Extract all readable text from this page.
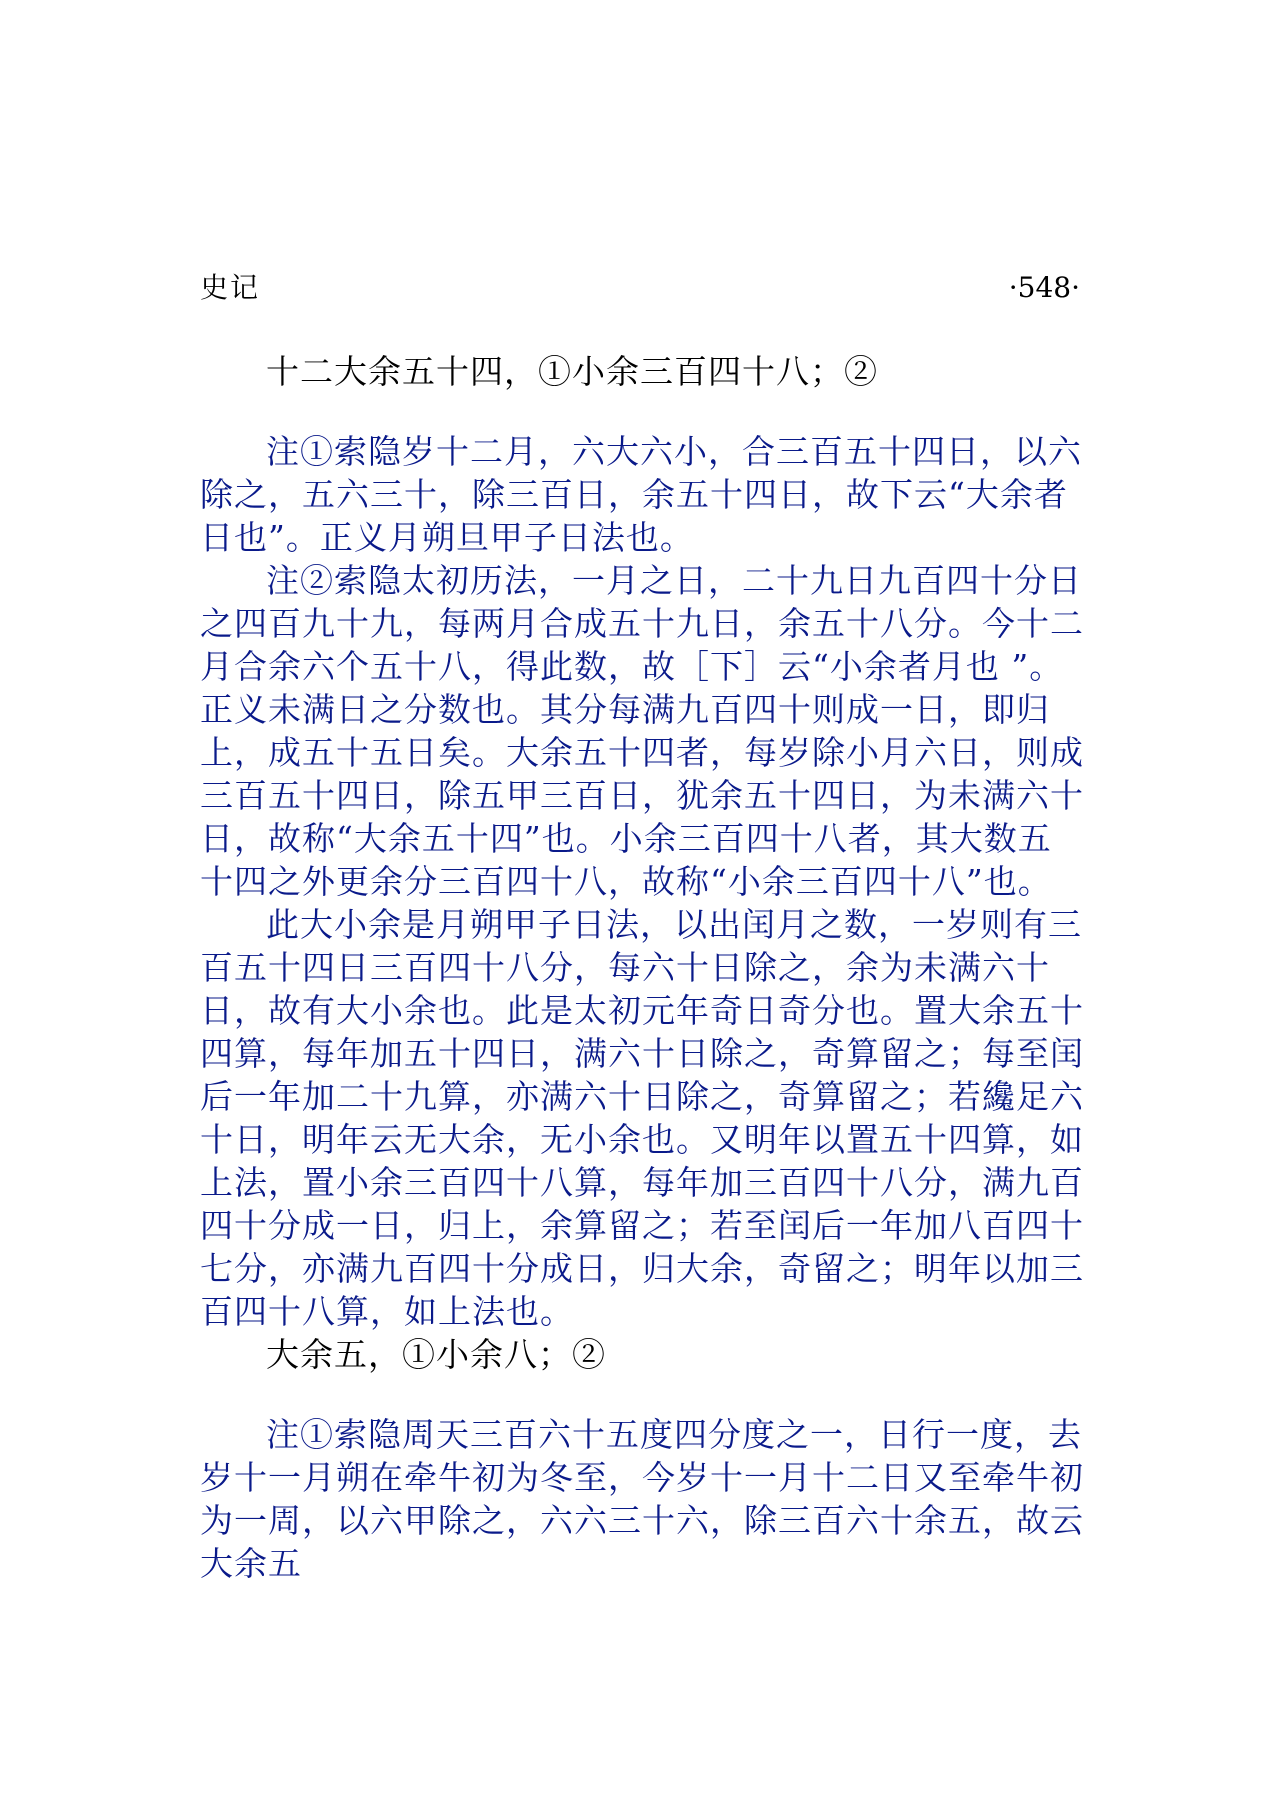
史记	·548·

十二大余五十四，①小余三百四十八；②

注①索隐岁十二月，六大六小，合三百五十四日，以六除之，五六三十，除三百日，余五十四日，故下云“大余者日也”。正义月朔旦甲子日法也。

注②索隐太初历法，一月之日，二十九日九百四十分日之四百九十九，每两月合成五十九日，余五十八分。今十二月合余六个五十八，得此数，故［下］云“小余者月也 ”。正义未满日之分数也。其分每满九百四十则成一日，即归上，成五十五日矣。大余五十四者，每岁除小月六日，则成三百五十四日，除五甲三百日，犹余五十四日，为未满六十日，故称“大余五十四”也。小余三百四十八者，其大数五十四之外更余分三百四十八，故称“小余三百四十八”也。

此大小余是月朔甲子日法，以出闰月之数，一岁则有三百五十四日三百四十八分，每六十日除之，余为未满六十日，故有大小余也。此是太初元年奇日奇分也。置大余五十四算，每年加五十四日，满六十日除之，奇算留之；每至闰后一年加二十九算，亦满六十日除之，奇算留之；若纔足六十日，明年云无大余，无小余也。又明年以置五十四算，如上法，置小余三百四十八算，每年加三百四十八分，满九百四十分成一日，归上，余算留之；若至闰后一年加八百四十七分，亦满九百四十分成日，归大余，奇留之；明年以加三百四十八算，如上法也。

大余五，①小余八；②

注①索隐周天三百六十五度四分度之一，日行一度，去岁十一月朔在牵牛初为冬至，今岁十一月十二日又至牵牛初为一周，以六甲除之，六六三十六，除三百六十余五，故云大余五
